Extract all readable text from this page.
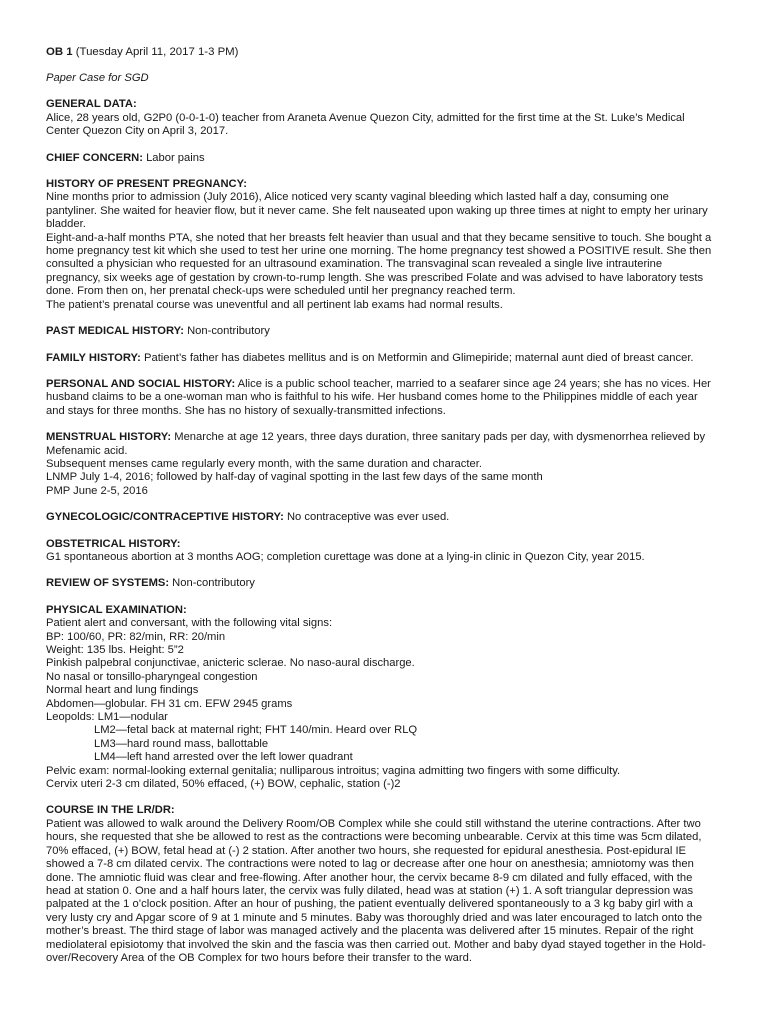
OB 1 (Tuesday April 11, 2017 1-3 PM)

Paper Case for SGD

GENERAL DATA:

Alice, 28 years old, G2P0 (0-0-1-0) teacher from Araneta Avenue Quezon City, admitted for the first time at the St. Luke’s Medical

Center Quezon City on April 3, 2017.

CHIEF CONCERN: Labor pains

HISTORY OF PRESENT PREGNANCY:

Nine months prior to admission (July 2016), Alice noticed very scanty vaginal bleeding which lasted half a day, consuming one

pantyliner. She waited for heavier flow, but it never came. She felt nauseated upon waking up three times at night to empty her urinary

bladder.

Eight-and-a-half months PTA, she noted that her breasts felt heavier than usual and that they became sensitive to touch. She bought a

home pregnancy test kit which she used to test her urine one morning. The home pregnancy test showed a POSITIVE result. She then

consulted a physician who requested for an ultrasound examination. The transvaginal scan revealed a single live intrauterine

pregnancy, six weeks age of gestation by crown-to-rump length. She was prescribed Folate and was advised to have laboratory tests

done. From then on, her prenatal check-ups were scheduled until her pregnancy reached term.

The patient’s prenatal course was uneventful and all pertinent lab exams had normal results.

PAST MEDICAL HISTORY: Non-contributory

FAMILY HISTORY: Patient’s father has diabetes mellitus and is on Metformin and Glimepiride; maternal aunt died of breast cancer.

PERSONAL AND SOCIAL HISTORY: Alice is a public school teacher, married to a seafarer since age 24 years; she has no vices. Her

husband claims to be a one-woman man who is faithful to his wife. Her husband comes home to the Philippines middle of each year

and stays for three months. She has no history of sexually-transmitted infections.

MENSTRUAL HISTORY: Menarche at age 12 years, three days duration, three sanitary pads per day, with dysmenorrhea relieved by

Mefenamic acid.

Subsequent menses came regularly every month, with the same duration and character.

LNMP July 1-4, 2016; followed by half-day of vaginal spotting in the last few days of the same month

PMP June 2-5, 2016

GYNECOLOGIC/CONTRACEPTIVE HISTORY: No contraceptive was ever used.

OBSTETRICAL HISTORY:

G1 spontaneous abortion at 3 months AOG; completion curettage was done at a lying-in clinic in Quezon City, year 2015.

REVIEW OF SYSTEMS: Non-contributory

PHYSICAL EXAMINATION:

Patient alert and conversant, with the following vital signs:

BP: 100/60, PR: 82/min, RR: 20/min

Weight: 135 lbs. Height: 5”2

Pinkish palpebral conjunctivae, anicteric sclerae. No naso-aural discharge.

No nasal or tonsillo-pharyngeal congestion

Normal heart and lung findings

Abdomen—globular. FH 31 cm. EFW 2945 grams

Leopolds: LM1—nodular

LM2—fetal back at maternal right; FHT 140/min. Heard over RLQ

LM3—hard round mass, ballottable

LM4—left hand arrested over the left lower quadrant

Pelvic exam: normal-looking external genitalia; nulliparous introitus; vagina admitting two fingers with some difficulty.

Cervix uteri 2-3 cm dilated, 50% effaced, (+) BOW, cephalic, station (-)2

COURSE IN THE LR/DR:

Patient was allowed to walk around the Delivery Room/OB Complex while she could still withstand the uterine contractions. After two

hours, she requested that she be allowed to rest as the contractions were becoming unbearable. Cervix at this time was 5cm dilated,

70% effaced, (+) BOW, fetal head at (-) 2 station. After another two hours, she requested for epidural anesthesia. Post-epidural IE

showed a 7-8 cm dilated cervix. The contractions were noted to lag or decrease after one hour on anesthesia; amniotomy was then

done. The amniotic fluid was clear and free-flowing. After another hour, the cervix became 8-9 cm dilated and fully effaced, with the

head at station 0. One and a half hours later, the cervix was fully dilated, head was at station (+) 1. A soft triangular depression was

palpated at the 1 o’clock position. After an hour of pushing, the patient eventually delivered spontaneously to a 3 kg baby girl with a

very lusty cry and Apgar score of 9 at 1 minute and 5 minutes. Baby was thoroughly dried and was later encouraged to latch onto the

mother’s breast. The third stage of labor was managed actively and the placenta was delivered after 15 minutes. Repair of the right

mediolateral episiotomy that involved the skin and the fascia was then carried out. Mother and baby dyad stayed together in the Hold-

over/Recovery Area of the OB Complex for two hours before their transfer to the ward.
